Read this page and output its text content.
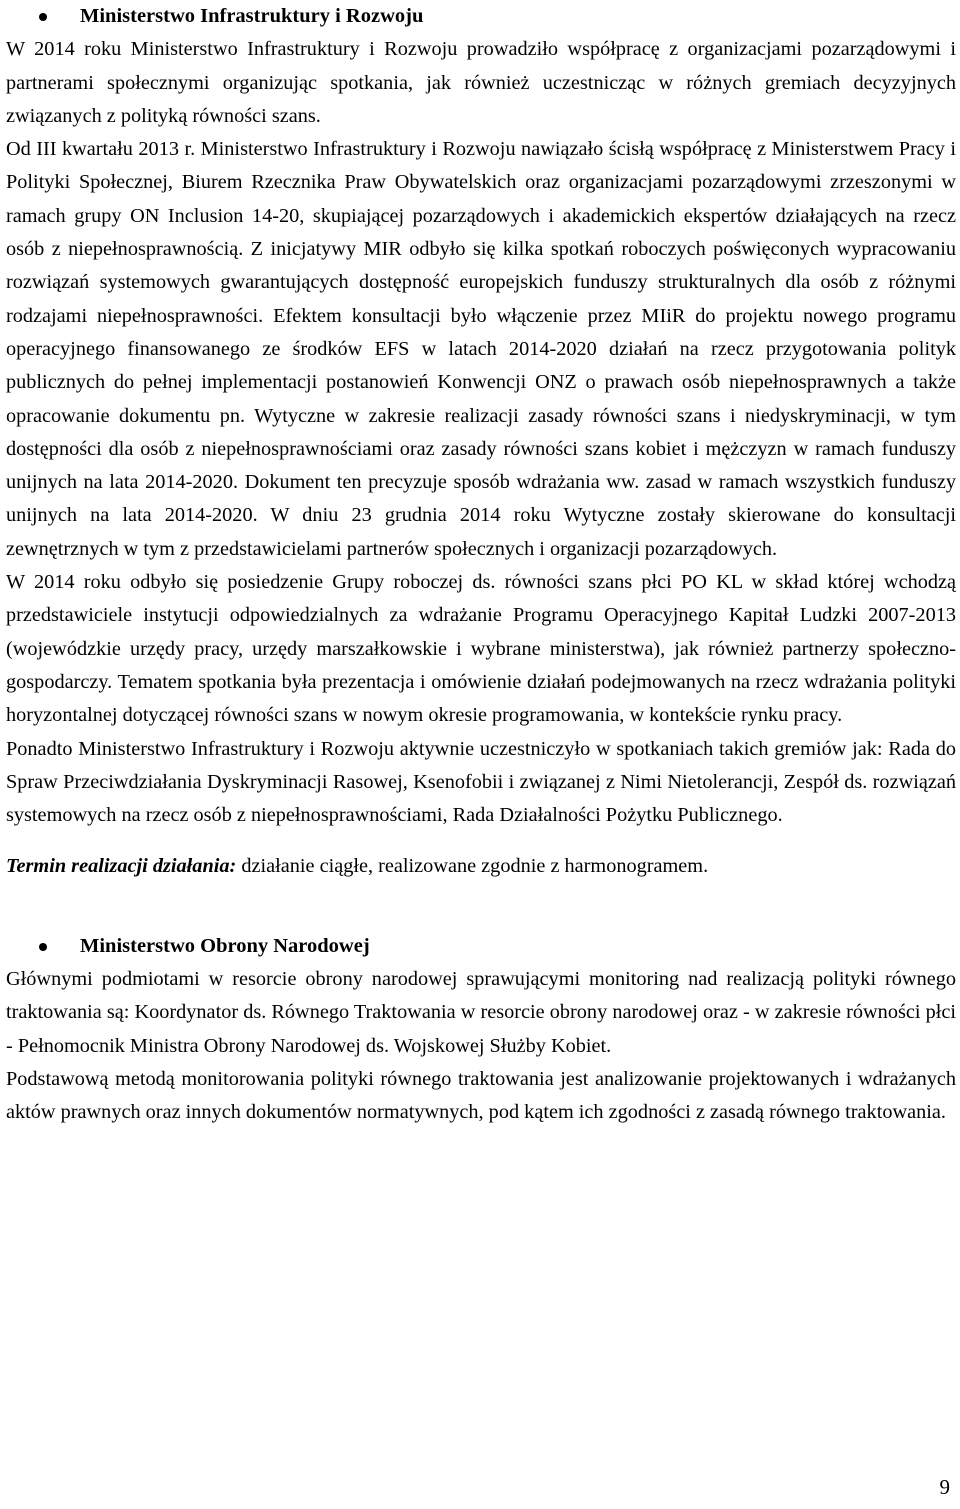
Ministerstwo Infrastruktury i Rozwoju

W 2014 roku Ministerstwo Infrastruktury i Rozwoju prowadziło współpracę z organizacjami pozarządowymi i partnerami społecznymi organizując spotkania, jak również uczestnicząc w różnych gremiach decyzyjnych związanych z polityką równości szans.

Od III kwartału 2013 r. Ministerstwo Infrastruktury i Rozwoju nawiązało ścisłą współpracę z Ministerstwem Pracy i Polityki Społecznej, Biurem Rzecznika Praw Obywatelskich oraz organizacjami pozarządowymi zrzeszonymi w ramach grupy ON Inclusion 14-20, skupiającej pozarządowych i akademickich ekspertów działających na rzecz osób z niepełnosprawnością. Z inicjatywy MIR odbyło się kilka spotkań roboczych poświęconych wypracowaniu rozwiązań systemowych gwarantujących dostępność europejskich funduszy strukturalnych dla osób z różnymi rodzajami niepełnosprawności. Efektem konsultacji było włączenie przez MIiR do projektu nowego programu operacyjnego finansowanego ze środków EFS w latach 2014-2020 działań na rzecz przygotowania polityk publicznych do pełnej implementacji postanowień Konwencji ONZ o prawach osób niepełnosprawnych a także opracowanie dokumentu pn. Wytyczne w zakresie realizacji zasady równości szans i niedyskryminacji, w tym dostępności dla osób z niepełnosprawnościami oraz zasady równości szans kobiet i mężczyzn w ramach funduszy unijnych na lata 2014-2020. Dokument ten precyzuje sposób wdrażania ww. zasad w ramach wszystkich funduszy unijnych na lata 2014-2020. W dniu 23 grudnia 2014 roku Wytyczne zostały skierowane do konsultacji zewnętrznych w tym z przedstawicielami partnerów społecznych i organizacji pozarządowych.

W 2014 roku odbyło się posiedzenie Grupy roboczej ds. równości szans płci PO KL w skład której wchodzą przedstawiciele instytucji odpowiedzialnych za wdrażanie Programu Operacyjnego Kapitał Ludzki 2007-2013 (wojewódzkie urzędy pracy, urzędy marszałkowskie i wybrane ministerstwa), jak również partnerzy społeczno-gospodarczy. Tematem spotkania była prezentacja i omówienie działań podejmowanych na rzecz wdrażania polityki horyzontalnej dotyczącej równości szans w nowym okresie programowania, w kontekście rynku pracy.

Ponadto Ministerstwo Infrastruktury i Rozwoju aktywnie uczestniczyło w spotkaniach takich gremiów jak: Rada do Spraw Przeciwdziałania Dyskryminacji Rasowej, Ksenofobii i związanej z Nimi Nietolerancji, Zespół ds. rozwiązań systemowych na rzecz osób z niepełnosprawnościami, Rada Działalności Pożytku Publicznego.

Termin realizacji działania: działanie ciągłe, realizowane zgodnie z harmonogramem.

Ministerstwo Obrony Narodowej

Głównymi podmiotami w resorcie obrony narodowej sprawującymi monitoring nad realizacją polityki równego traktowania są: Koordynator ds. Równego Traktowania w resorcie obrony narodowej oraz - w zakresie równości płci - Pełnomocnik Ministra Obrony Narodowej ds. Wojskowej Służby Kobiet.

Podstawową metodą monitorowania polityki równego traktowania jest analizowanie projektowanych i wdrażanych aktów prawnych oraz innych dokumentów normatywnych, pod kątem ich zgodności z zasadą równego traktowania.

9
